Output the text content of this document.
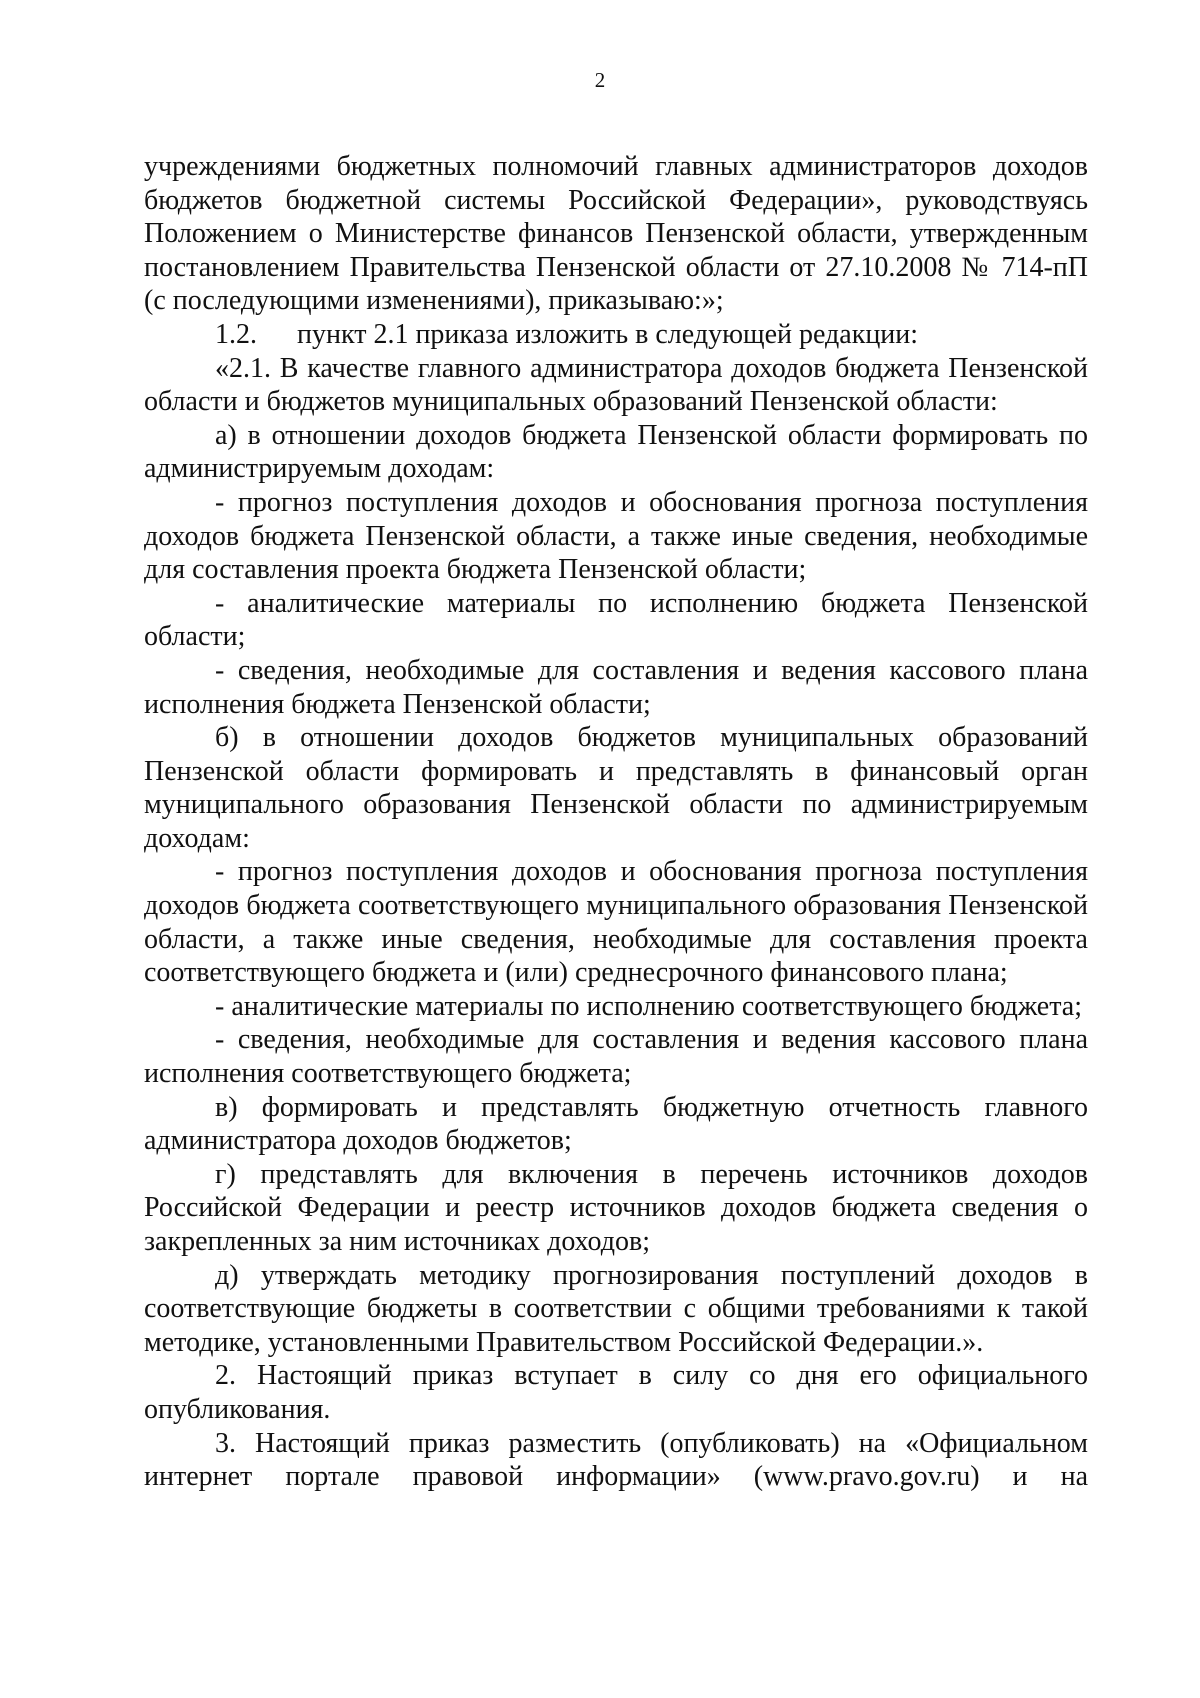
2

учреждениями бюджетных полномочий главных администраторов доходов бюджетов бюджетной системы Российской Федерации», руководствуясь Положением о Министерстве финансов Пензенской области, утвержденным постановлением Правительства Пензенской области от 27.10.2008 № 714-пП (с последующими изменениями), приказываю:»;

1.2.	пункт 2.1 приказа изложить в следующей редакции:

«2.1. В качестве главного администратора доходов бюджета Пензенской области и бюджетов муниципальных образований Пензенской области:

а) в отношении доходов бюджета Пензенской области формировать по администрируемым доходам:

- прогноз поступления доходов и обоснования прогноза поступления доходов бюджета Пензенской области, а также иные сведения, необходимые для составления проекта бюджета Пензенской области;

- аналитические материалы по исполнению бюджета Пензенской области;

- сведения, необходимые для составления и ведения кассового плана исполнения бюджета Пензенской области;

б) в отношении доходов бюджетов муниципальных образований Пензенской области формировать и представлять в финансовый орган муниципального образования Пензенской области по администрируемым доходам:

- прогноз поступления доходов и обоснования прогноза поступления доходов бюджета соответствующего муниципального образования Пензенской области, а также иные сведения, необходимые для составления проекта соответствующего бюджета и (или) среднесрочного финансового плана;

- аналитические материалы по исполнению соответствующего бюджета;

- сведения, необходимые для составления и ведения кассового плана исполнения соответствующего бюджета;

в) формировать и представлять бюджетную отчетность главного администратора доходов бюджетов;

г) представлять для включения в перечень источников доходов Российской Федерации и реестр источников доходов бюджета сведения о закрепленных за ним источниках доходов;

д) утверждать методику прогнозирования поступлений доходов в соответствующие бюджеты в соответствии с общими требованиями к такой методике, установленными Правительством Российской Федерации.».

2. Настоящий приказ вступает в силу со дня его официального опубликования.

3. Настоящий приказ разместить (опубликовать) на «Официальном интернет портале правовой информации» (www.pravo.gov.ru) и на
